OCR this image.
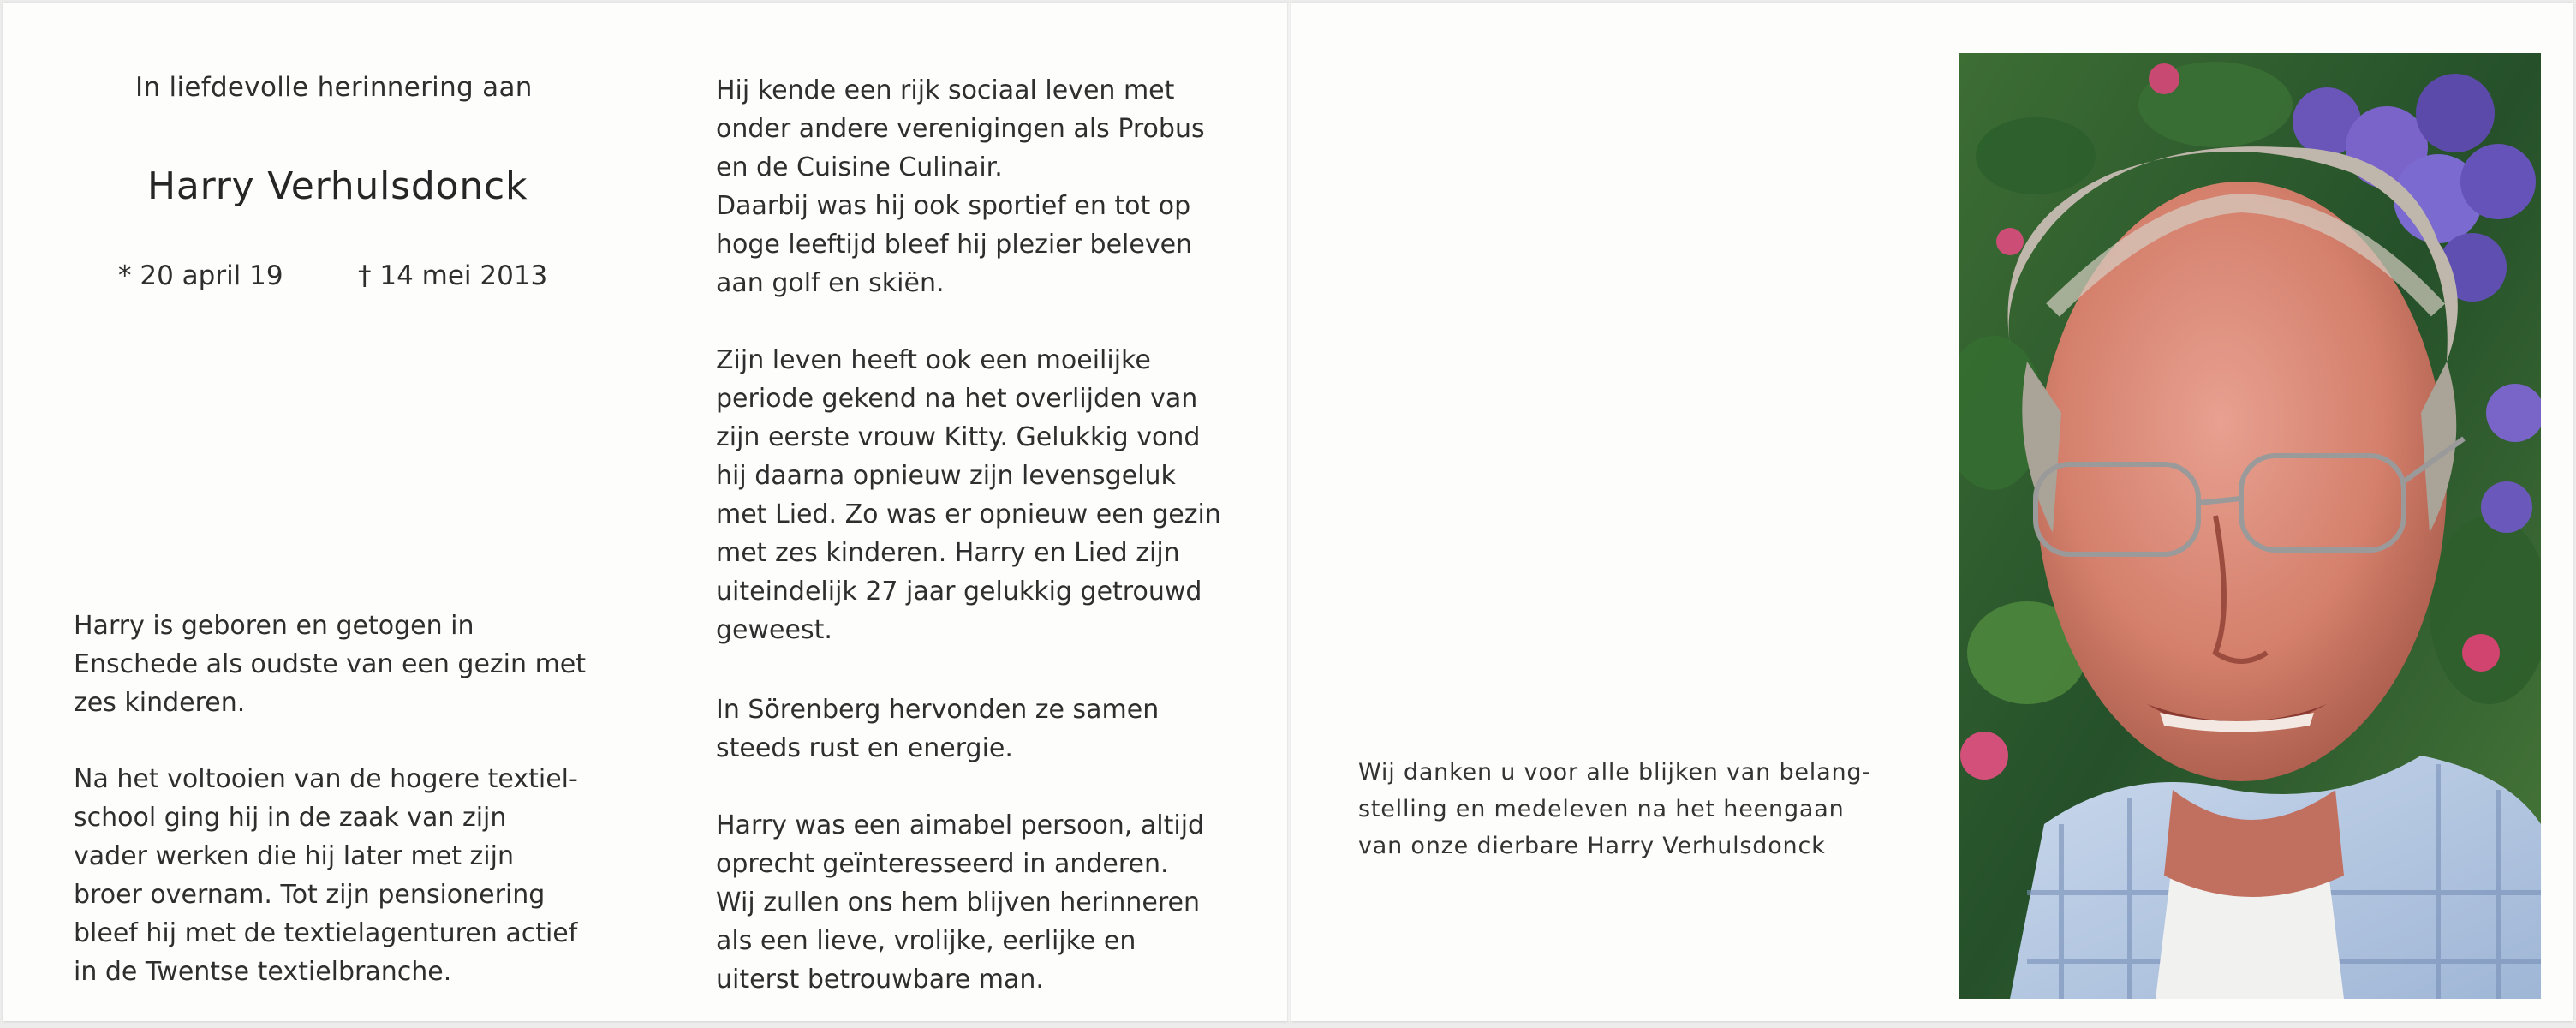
In liefdevolle herinnering aan
Harry Verhulsdonck
* 20 april 19	† 14 mei 2013
Harry is geboren en getogen in
Enschede als oudste van een gezin met
zes kinderen.
Na het voltooien van de hogere textiel-
school ging hij in de zaak van zijn
vader werken die hij later met zijn
broer overnam. Tot zijn pensionering
bleef hij met de textielagenturen actief
in de Twentse textielbranche.
Hij kende een rijk sociaal leven met
onder andere verenigingen als Probus
en de Cuisine Culinair.
Daarbij was hij ook sportief en tot op
hoge leeftijd bleef hij plezier beleven
aan golf en skiën.
Zijn leven heeft ook een moeilijke
periode gekend na het overlijden van
zijn eerste vrouw Kitty. Gelukkig vond
hij daarna opnieuw zijn levensgeluk
met Lied. Zo was er opnieuw een gezin
met zes kinderen. Harry en Lied zijn
uiteindelijk 27 jaar gelukkig getrouwd
geweest.
In Sörenberg hervonden ze samen
steeds rust en energie.
Harry was een aimabel persoon, altijd
oprecht geïnteresseerd in anderen.
Wij zullen ons hem blijven herinneren
als een lieve, vrolijke, eerlijke en
uiterst betrouwbare man.
Wij danken u voor alle blijken van belang-
stelling en medeleven na het heengaan
van onze dierbare Harry Verhulsdonck
